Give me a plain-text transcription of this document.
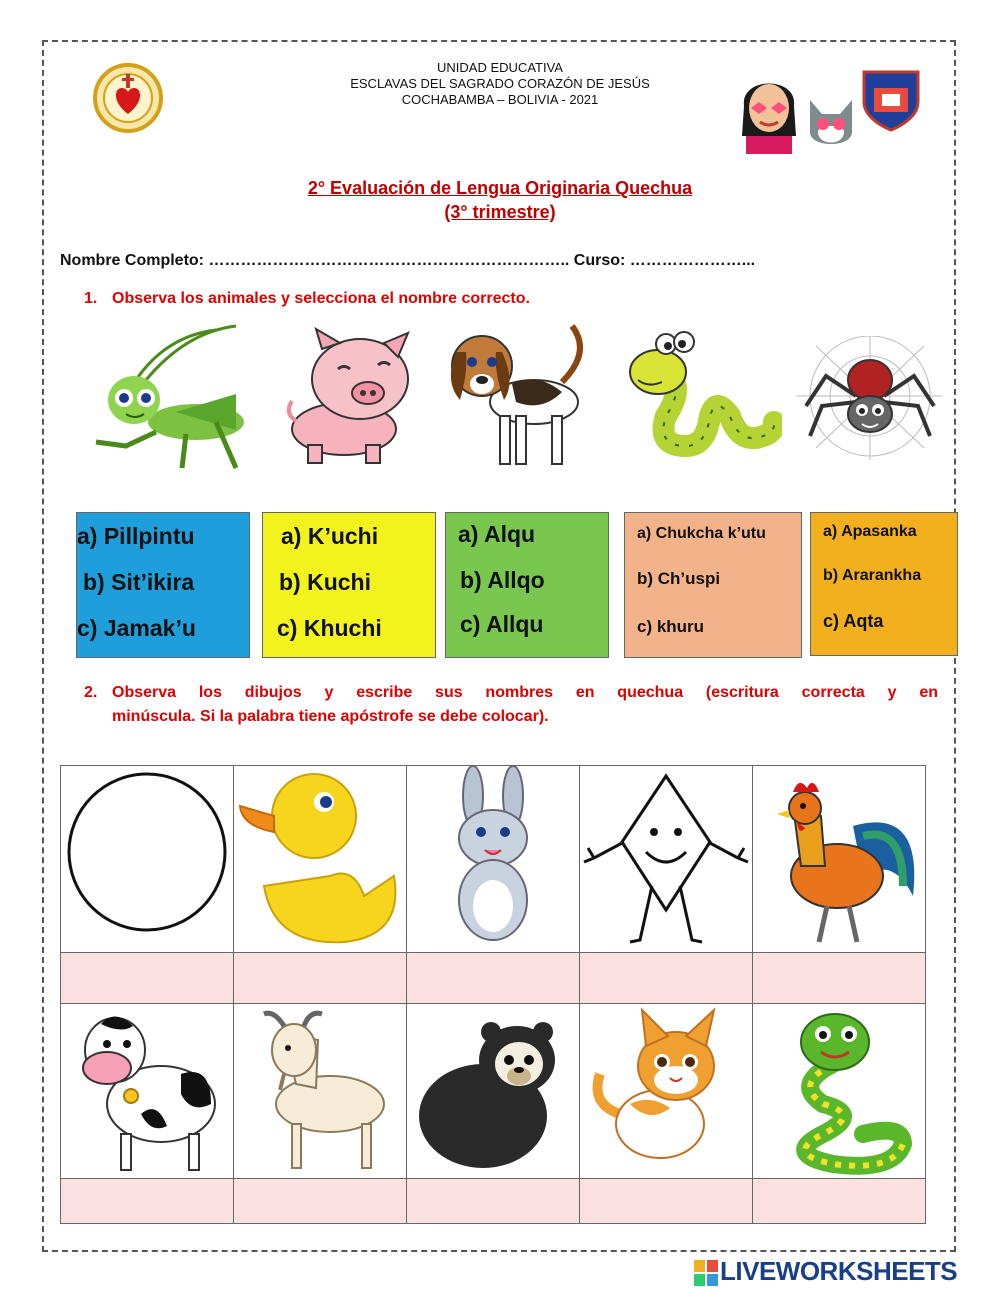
UNIDAD EDUCATIVA
ESCLAVAS DEL SAGRADO CORAZÓN DE JESÚS
COCHABAMBA – BOLIVIA - 2021
2° Evaluación de Lengua Originaria Quechua
(3° trimestre)
Nombre Completo: ………………………………………………………….. Curso: …………………...
1. Observa los animales y selecciona el nombre correcto.
a) Pillpintu
b) Sit’ikira
c) Jamak’u
a) K’uchi
b) Kuchi
c) Khuchi
a) Alqu
b) Allqo
c) Allqu
a) Chukcha k’utu
b) Ch’uspi
c) khuru
a) Apasanka
b) Ararankha
c) Aqta
2. Observa los dibujos y escribe sus nombres en quechua (escritura correcta y en
minúscula. Si la palabra tiene apóstrofe se debe colocar).

LIVEWORKSHEETS
